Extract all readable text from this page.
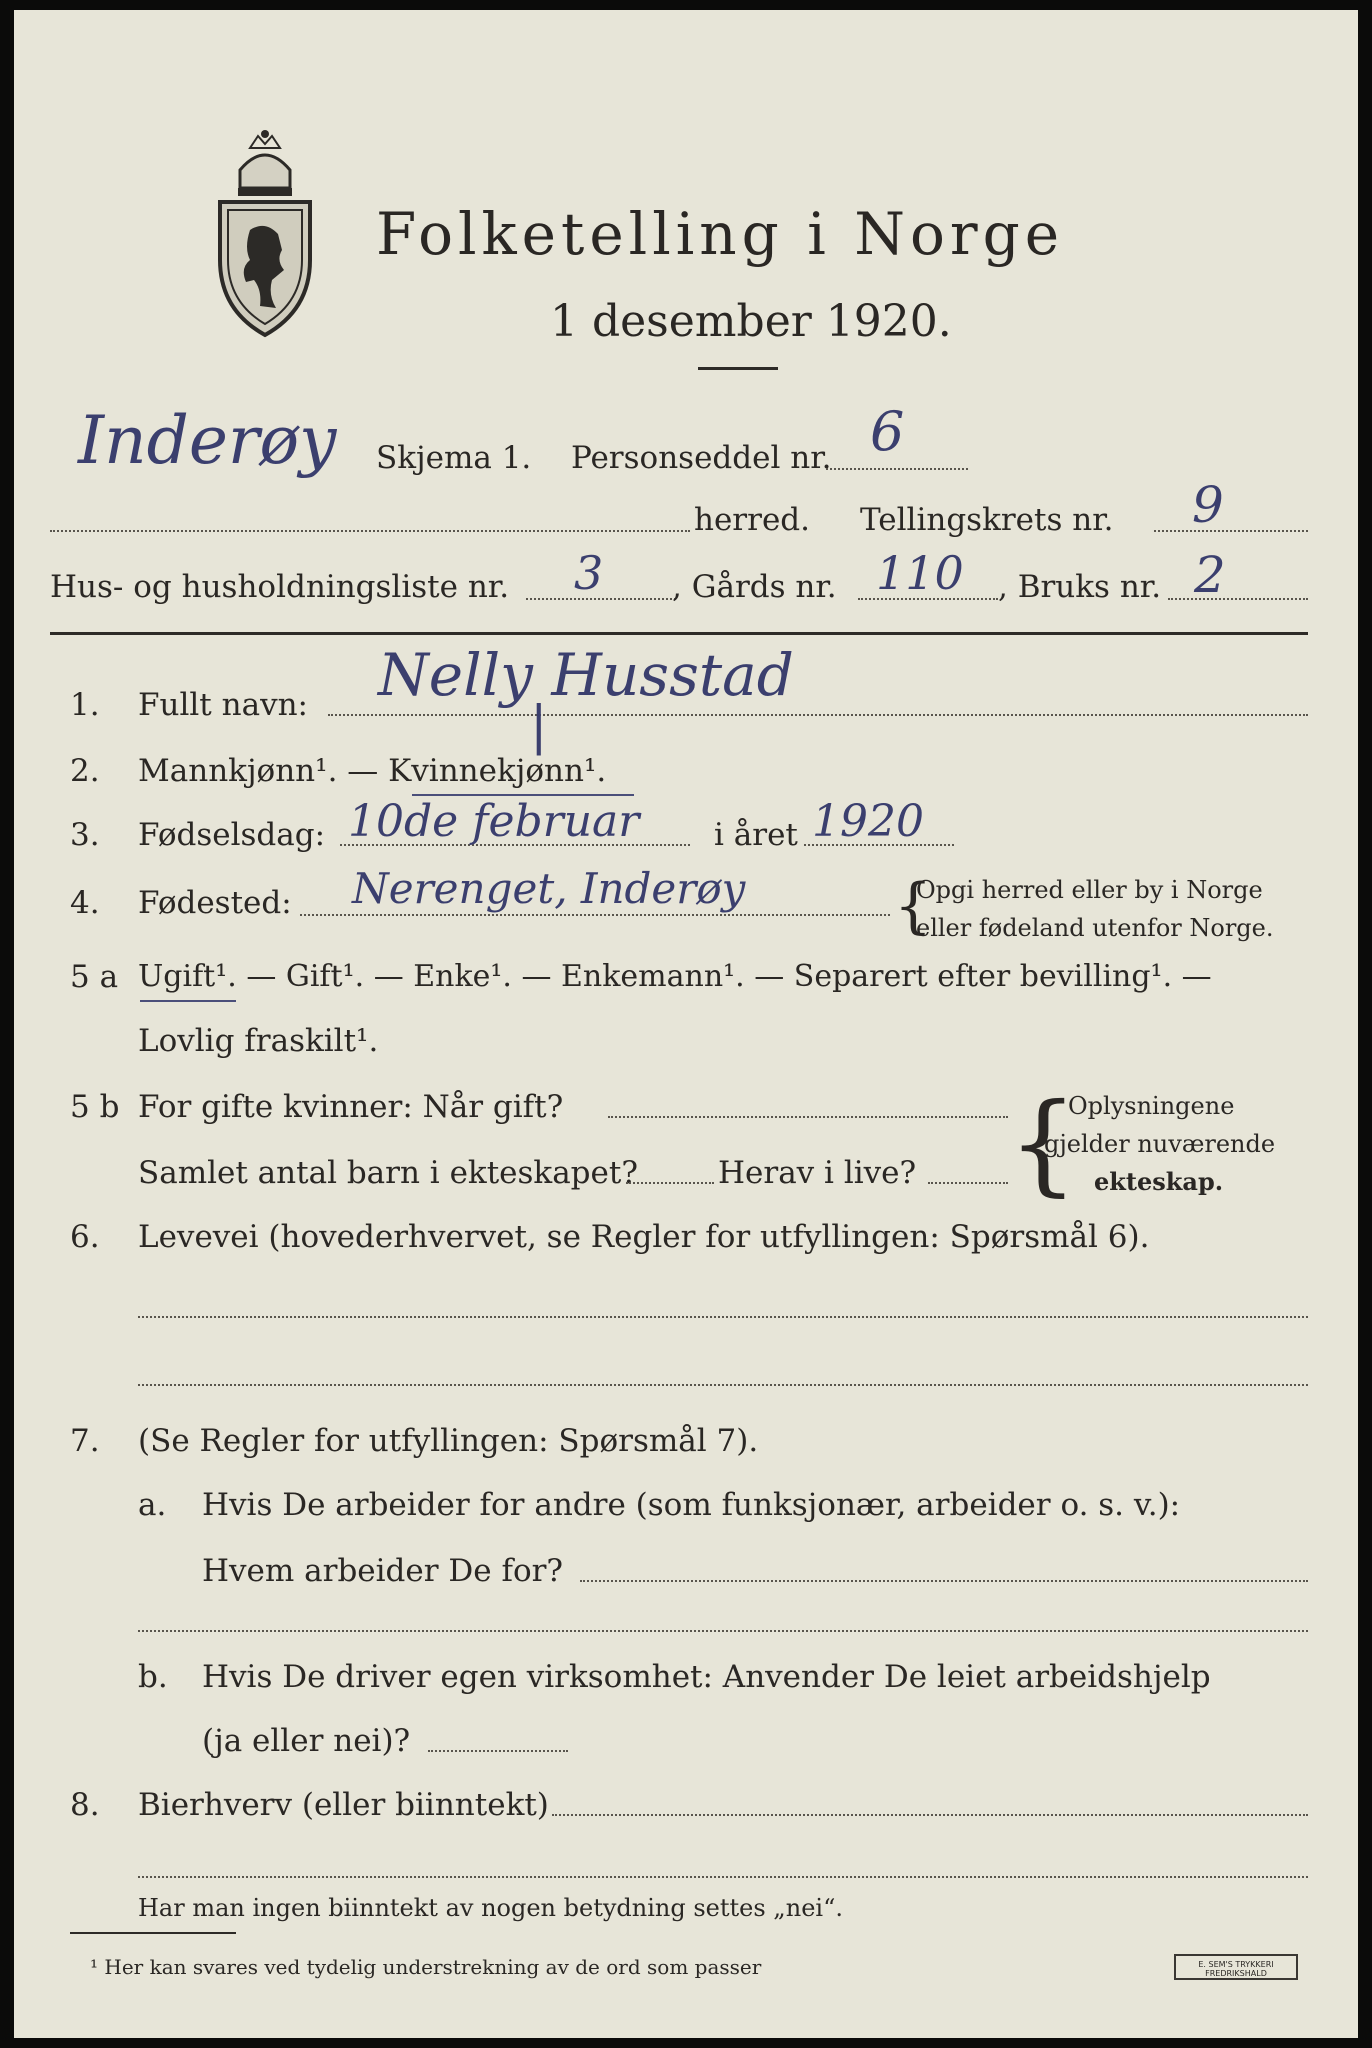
Folketelling i Norge
1 desember 1920.
Skjema 1. Personseddel nr. 6
Inderøy
herred. Tellingskrets nr. 9
Hus- og husholdningsliste nr. 3 , Gårds nr. 110 , Bruks nr. 2
1. Fullt navn: Nelly Husstad
2. Mannkjønn¹. — Kvinnekjønn¹.
|
3. Fødselsdag: 10de februar i året 1920
4. Fødested: Nerenget, Inderøy {
Opgi herred eller by i Norge
eller fødeland utenfor Norge.
5 a Ugift¹. — Gift¹. — Enke¹. — Enkemann¹. — Separert efter bevilling¹. —
Lovlig fraskilt¹.
5 b For gifte kvinner: Når gift?
Samlet antal barn i ekteskapet?	Herav i live? {
Oplysningene
gjelder nuværende
ekteskap.
6. Levevei (hovederhvervet, se Regler for utfyllingen: Spørsmål 6).
7. (Se Regler for utfyllingen: Spørsmål 7).
a. Hvis De arbeider for andre (som funksjonær, arbeider o. s. v.):
Hvem arbeider De for?
b. Hvis De driver egen virksomhet: Anvender De leiet arbeidshjelp
(ja eller nei)?
8. Bierhverv (eller biinntekt)
Har man ingen biinntekt av nogen betydning settes „nei“.
¹ Her kan svares ved tydelig understrekning av de ord som passer	E. SEM'S TRYKKERI FREDRIKSHALD
